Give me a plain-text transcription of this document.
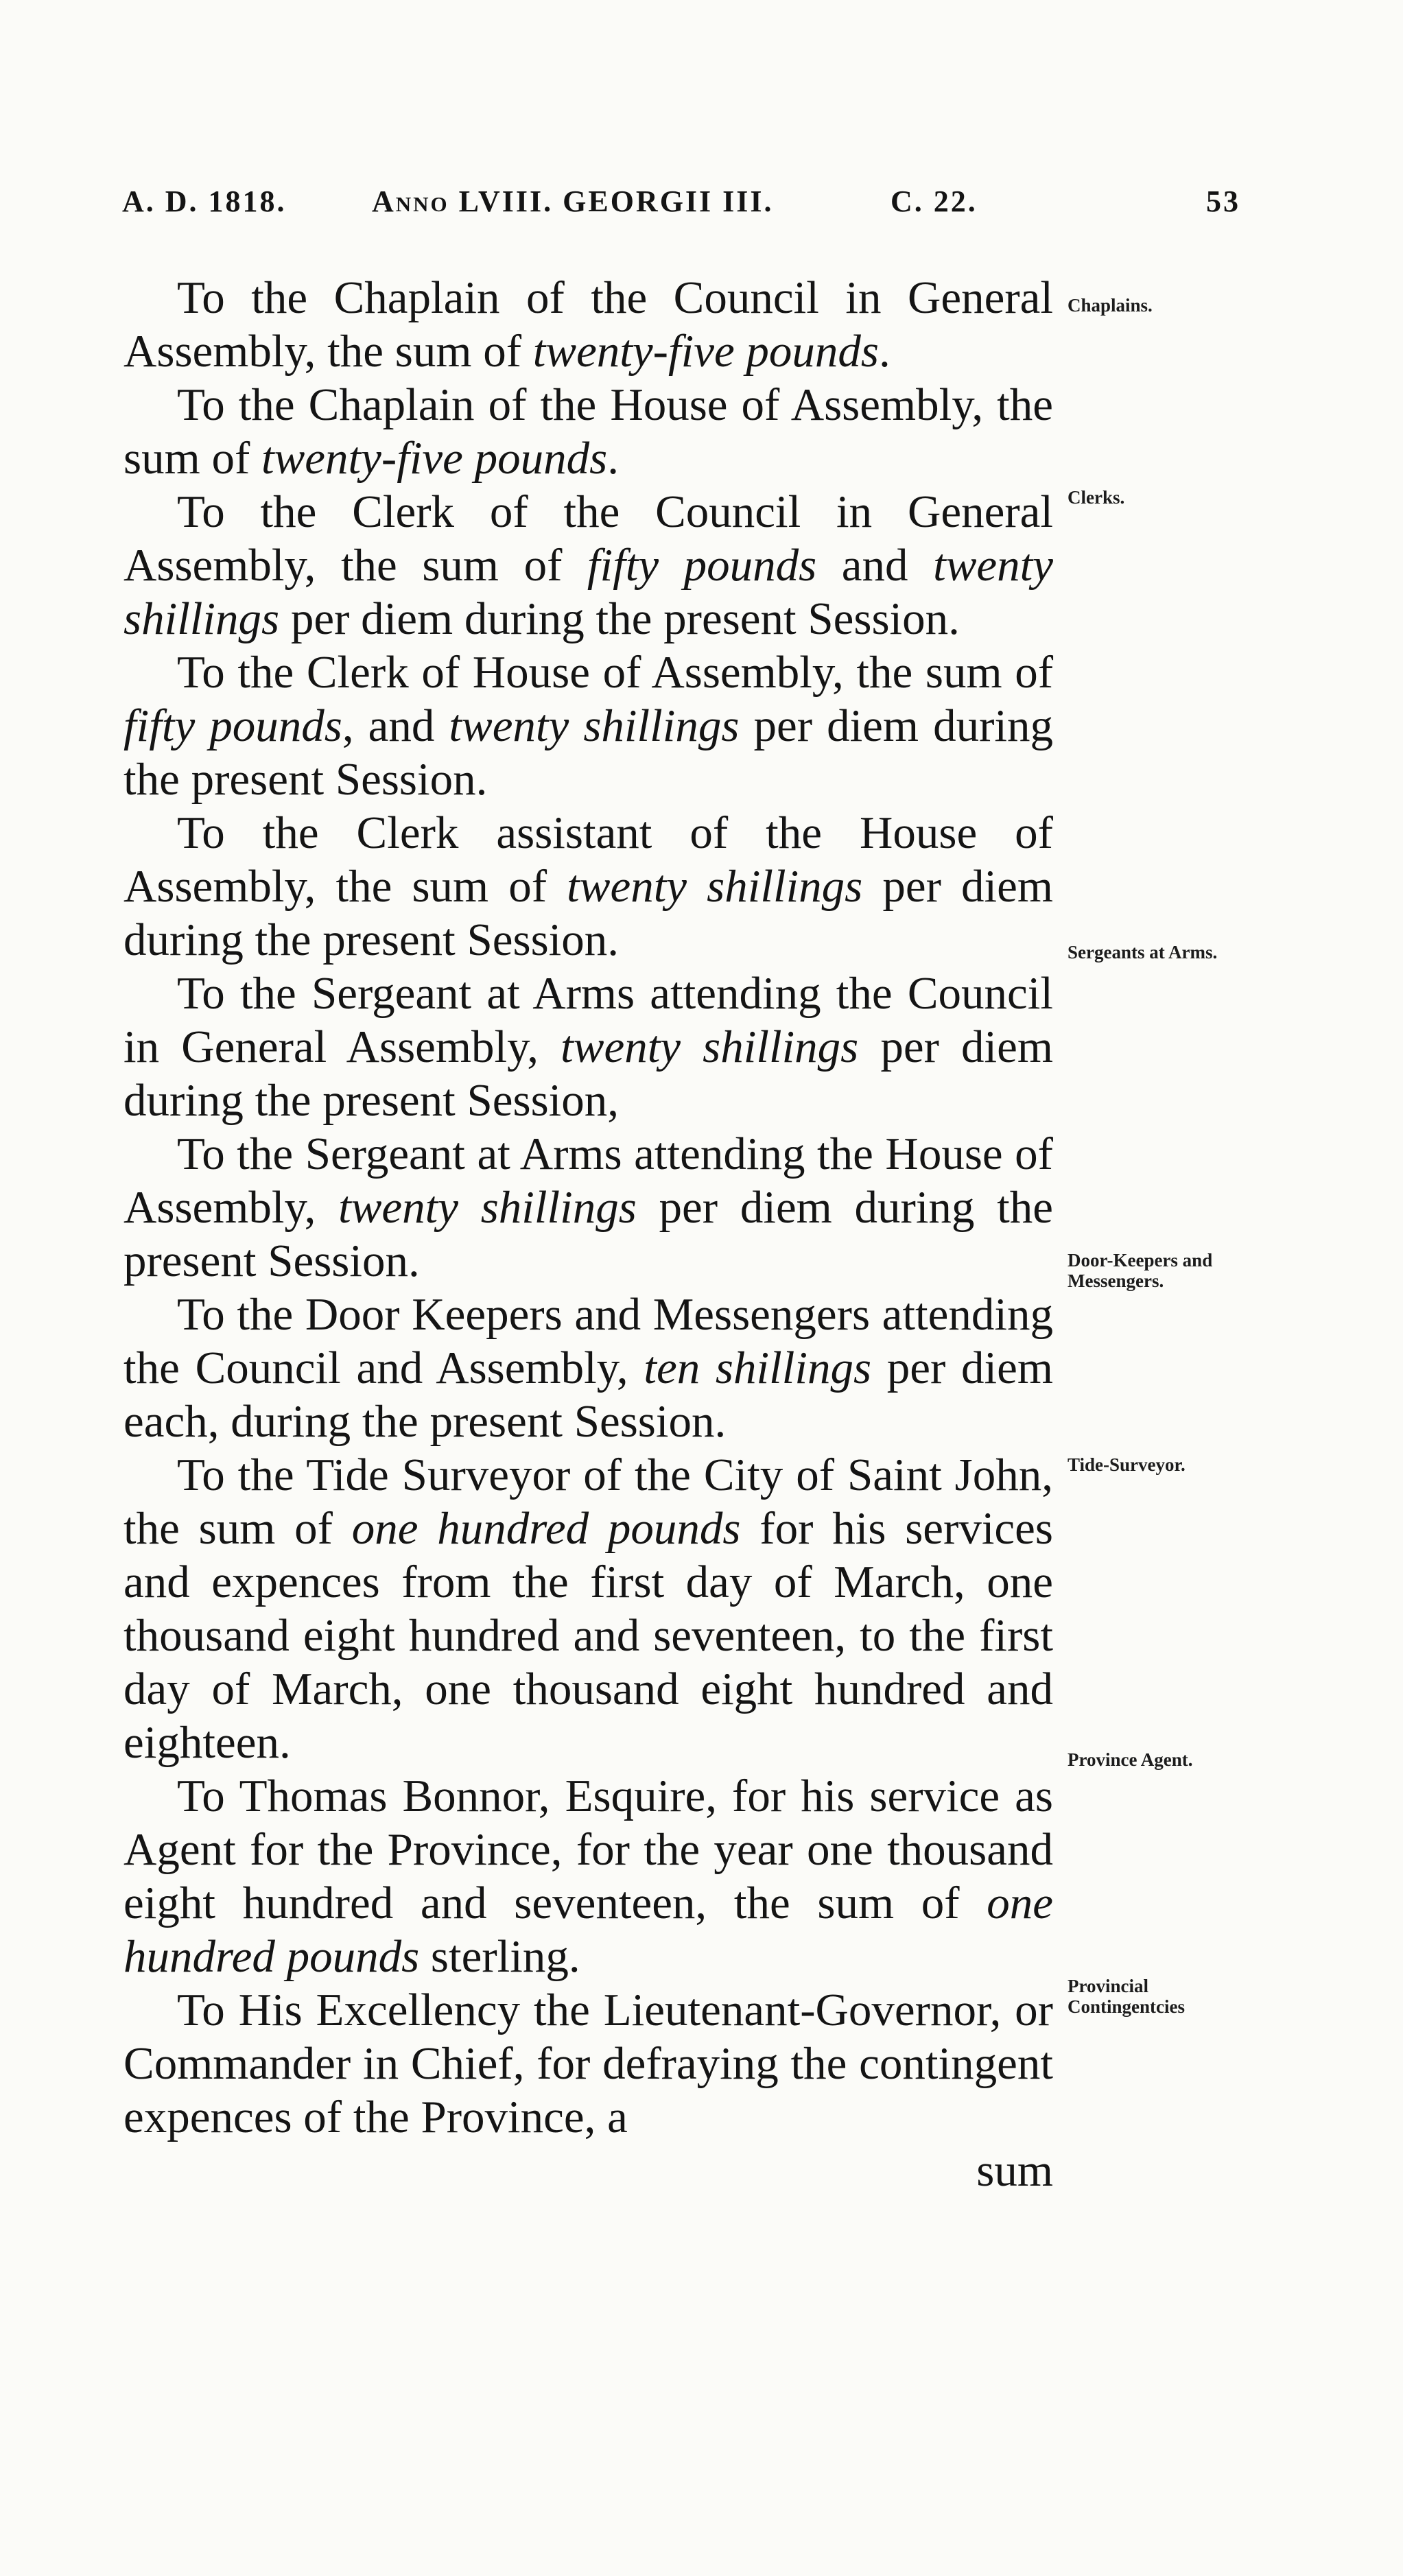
A. D. 1818.	Anno LVIII. GEORGII III.	C. 22.	53

To the Chaplain of the Council in General Assembly, the sum of twenty-five pounds.

To the Chaplain of the House of Assembly, the sum of twenty-five pounds.

To the Clerk of the Council in General Assembly, the sum of fifty pounds and twenty shillings per diem during the present Session.

To the Clerk of House of Assembly, the sum of fifty pounds, and twenty shillings per diem during the present Session.

To the Clerk assistant of the House of Assembly, the sum of twenty shillings per diem during the present Session.

To the Sergeant at Arms attending the Council in General Assembly, twenty shillings per diem during the present Session,

To the Sergeant at Arms attending the House of Assembly, twenty shillings per diem during the present Session.

To the Door Keepers and Messengers attending the Council and Assembly, ten shillings per diem each, during the present Session.

To the Tide Surveyor of the City of Saint John, the sum of one hundred pounds for his services and expences from the first day of March, one thousand eight hundred and seventeen, to the first day of March, one thousand eight hundred and eighteen.

To Thomas Bonnor, Esquire, for his service as Agent for the Province, for the year one thousand eight hundred and seventeen, the sum of one hundred pounds sterling.

To His Excellency the Lieutenant-Governor, or Commander in Chief, for defraying the contingent expences of the Province, a

sum

Chaplains.
Clerks.
Sergeants at Arms.
Door-Keepers and Messengers.
Tide-Surveyor.
Province Agent.
Provincial Contingentcies
